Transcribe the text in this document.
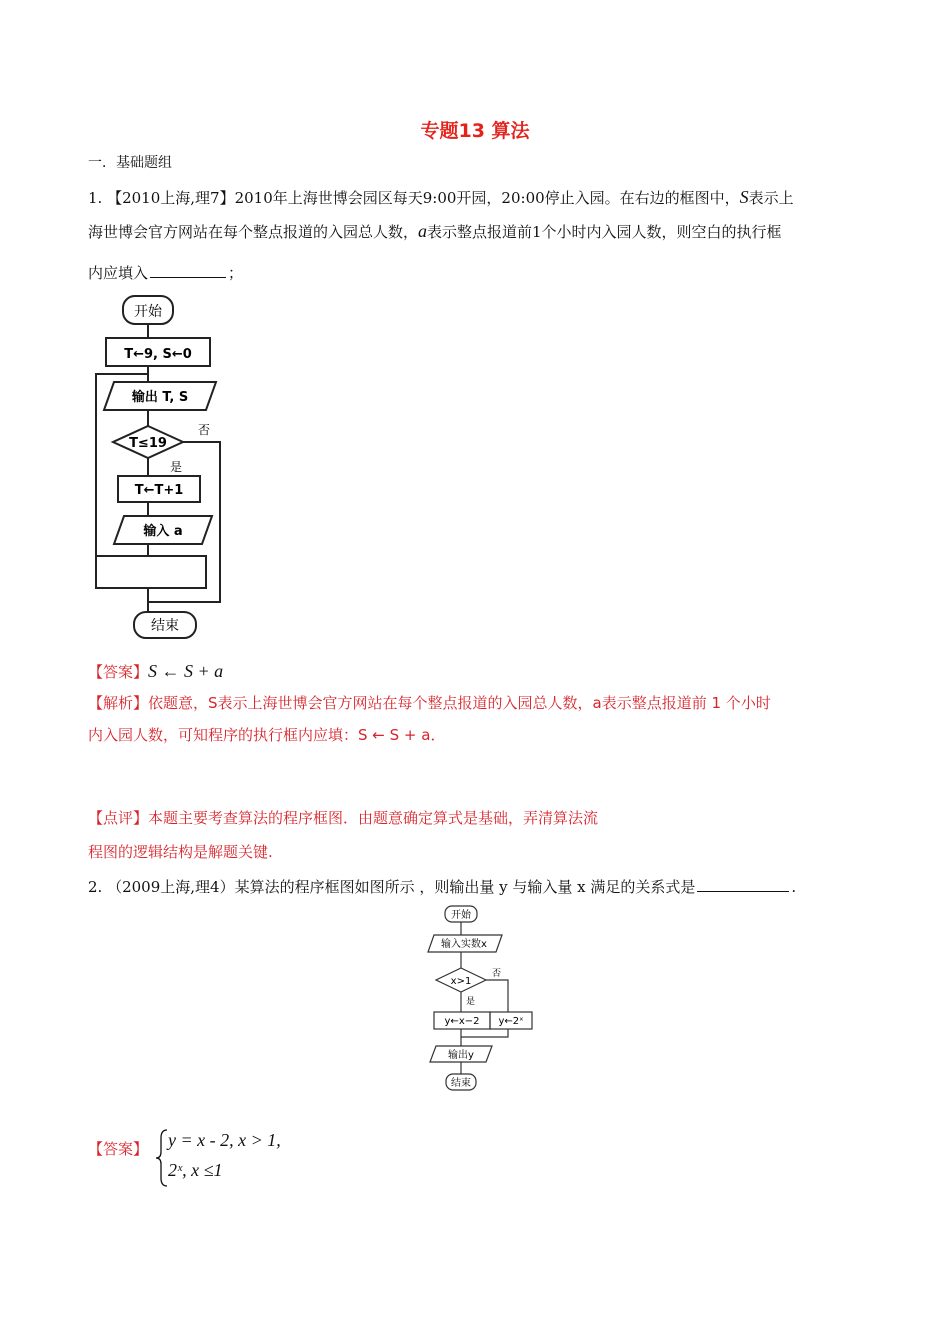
专题13 算法
一．基础题组
1. 【2010上海,理7】2010年上海世博会园区每天9:00开园，20:00停止入园。在右边的框图中，S表示上
海世博会官方网站在每个整点报道的入园总人数，a表示整点报道前1个小时内入园人数，则空白的执行框
内应填入	；
开始
T←9, S←0
输出 T, S
T≤19
否
是
T←T+1
输入 a
结束
【答案】S ← S + a
【解析】依题意，S表示上海世博会官方网站在每个整点报道的入园总人数，a表示整点报道前 1 个小时
内入园人数，可知程序的执行框内应填：S ← S + a．
【点评】本题主要考查算法的程序框图．由题意确定算式是基础，弄清算法流
程图的逻辑结构是解题关键.
2. （2009上海,理4）某算法的程序框图如图所示 ，则输出量 y 与输入量 x 满足的关系式是	.
开始
输入实数x
x>1
否
是
y←x−2 y←2ˣ
输出y
结束
【答案】 y = x - 2, x > 1,
2ˣ, x ≤1
